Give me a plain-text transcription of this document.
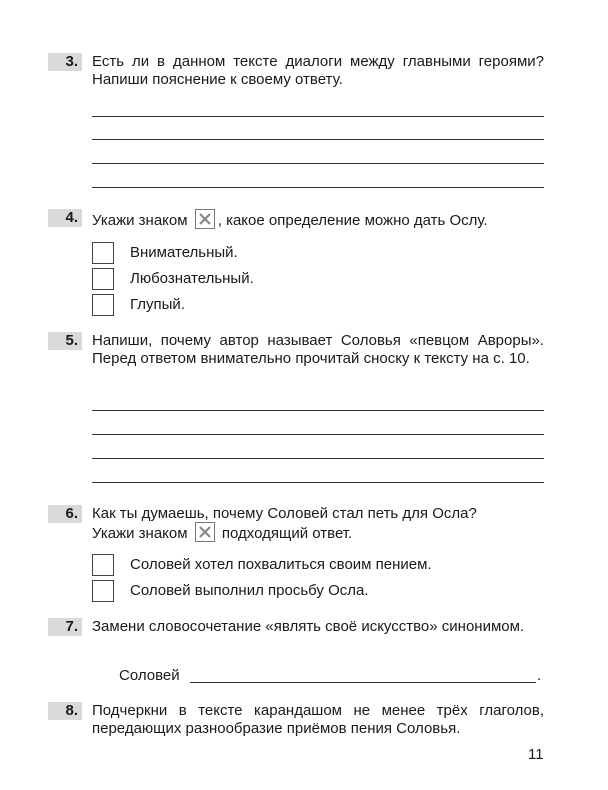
3. Есть ли в данном тексте диалоги между главными героями? Напиши пояснение к своему ответу.
4. Укажи знаком , какое определение можно дать Ослу.
Внимательный.
Любознательный.
Глупый.
5. Напиши, почему автор называет Соловья «певцом Авроры». Перед ответом внимательно прочитай сноску к тексту на с. 10.
6. Как ты думаешь, почему Соловей стал петь для Осла?
Укажи знаком подходящий ответ.
Соловей хотел похвалиться своим пением.
Соловей выполнил просьбу Осла.
7. Замени словосочетание «являть своё искусство» синонимом.
Соловей	.
8. Подчеркни в тексте карандашом не менее трёх глаголов, передающих разнообразие приёмов пения Соловья.
11
